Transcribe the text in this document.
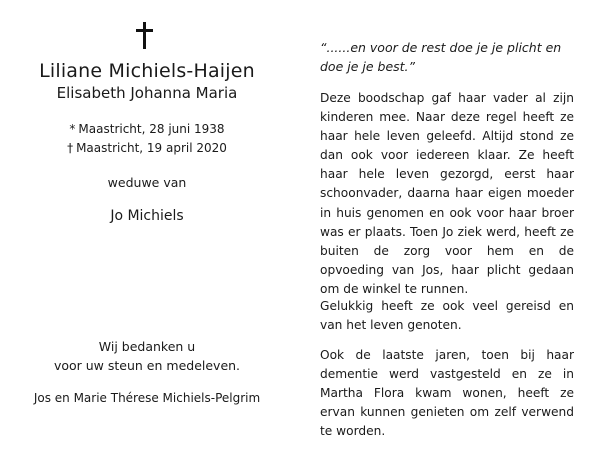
Liliane Michiels-Haijen
Elisabeth Johanna Maria
* Maastricht, 28 juni 1938
† Maastricht, 19 april 2020
weduwe van
Jo Michiels
Wij bedanken u
voor uw steun en medeleven.
Jos en Marie Thérese Michiels-Pelgrim
“......en voor de rest doe je je plicht en doe je je best.”
Deze boodschap gaf haar vader al zijn kinderen mee. Naar deze regel heeft ze haar hele leven geleefd. Altijd stond ze dan ook voor iedereen klaar. Ze heeft haar hele leven gezorgd, eerst haar schoonvader, daarna haar eigen moeder in huis genomen en ook voor haar broer was er plaats. Toen Jo ziek werd, heeft ze buiten de zorg voor hem en de opvoeding van Jos, haar plicht gedaan om de winkel te runnen.
Gelukkig heeft ze ook veel gereisd en van het leven genoten.
Ook de laatste jaren, toen bij haar dementie werd vastgesteld en ze in Martha Flora kwam wonen, heeft ze ervan kunnen genieten om zelf verwend te worden.
